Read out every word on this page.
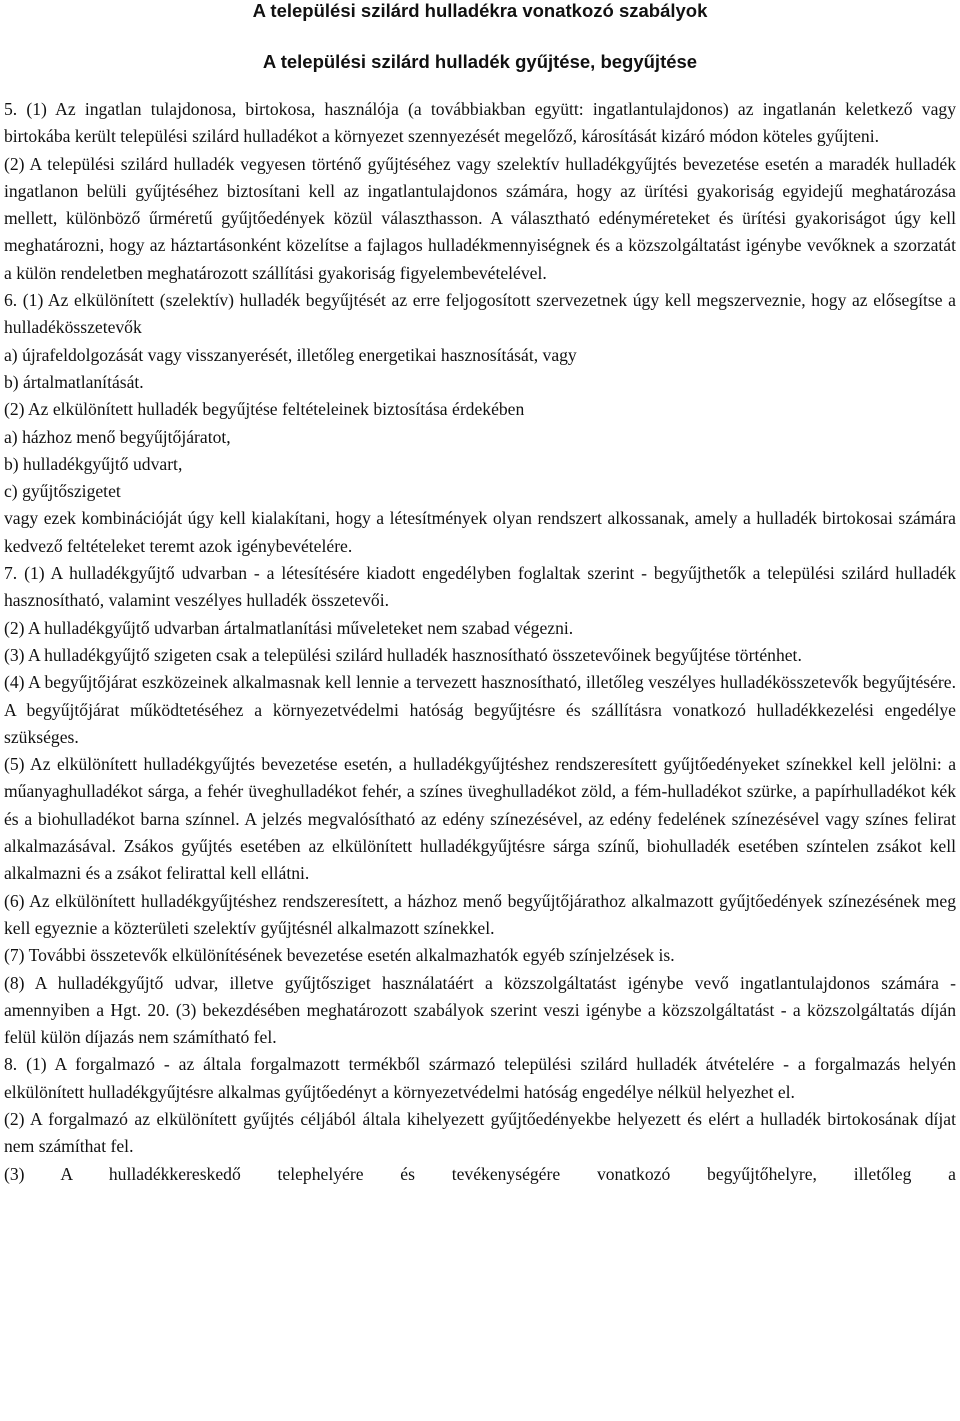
A települési szilárd hulladékra vonatkozó szabályok
A települési szilárd hulladék gyűjtése, begyűjtése

5. (1) Az ingatlan tulajdonosa, birtokosa, használója (a továbbiakban együtt: ingatlantulajdonos) az ingatlanán keletkező vagy birtokába került települési szilárd hulladékot a környezet szennyezését megelőző, károsítását kizáró módon köteles gyűjteni.

(2) A települési szilárd hulladék vegyesen történő gyűjtéséhez vagy szelektív hulladékgyűjtés bevezetése esetén a maradék hulladék ingatlanon belüli gyűjtéséhez biztosítani kell az ingatlantulajdonos számára, hogy az ürítési gyakoriság egyidejű meghatározása mellett, különböző űrméretű gyűjtőedények közül választhasson. A választható edényméreteket és ürítési gyakoriságot úgy kell meghatározni, hogy az háztartásonként közelítse a fajlagos hulladékmennyiségnek és a közszolgáltatást igénybe vevőknek a szorzatát a külön rendeletben meghatározott szállítási gyakoriság figyelembevételével.

6. (1) Az elkülönített (szelektív) hulladék begyűjtését az erre feljogosított szervezetnek úgy kell megszerveznie, hogy az elősegítse a hulladékösszetevők

a) újrafeldolgozását vagy visszanyerését, illetőleg energetikai hasznosítását, vagy

b) ártalmatlanítását.

(2) Az elkülönített hulladék begyűjtése feltételeinek biztosítása érdekében

a) házhoz menő begyűjtőjáratot,

b) hulladékgyűjtő udvart,

c) gyűjtőszigetet

vagy ezek kombinációját úgy kell kialakítani, hogy a létesítmények olyan rendszert alkossanak, amely a hulladék birtokosai számára kedvező feltételeket teremt azok igénybevételére.

7. (1) A hulladékgyűjtő udvarban - a létesítésére kiadott engedélyben foglaltak szerint - begyűjthetők a települési szilárd hulladék hasznosítható, valamint veszélyes hulladék összetevői.

(2) A hulladékgyűjtő udvarban ártalmatlanítási műveleteket nem szabad végezni.

(3) A hulladékgyűjtő szigeten csak a települési szilárd hulladék hasznosítható összetevőinek begyűjtése történhet.

(4) A begyűjtőjárat eszközeinek alkalmasnak kell lennie a tervezett hasznosítható, illetőleg veszélyes hulladékösszetevők begyűjtésére. A begyűjtőjárat működtetéséhez a környezetvédelmi hatóság begyűjtésre és szállításra vonatkozó hulladékkezelési engedélye szükséges.

(5) Az elkülönített hulladékgyűjtés bevezetése esetén, a hulladékgyűjtéshez rendszeresített gyűjtőedényeket színekkel kell jelölni: a műanyaghulladékot sárga, a fehér üveghulladékot fehér, a színes üveghulladékot zöld, a fém-hulladékot szürke, a papírhulladékot kék és a biohulladékot barna színnel. A jelzés megvalósítható az edény színezésével, az edény fedelének színezésével vagy színes felirat alkalmazásával. Zsákos gyűjtés esetében az elkülönített hulladékgyűjtésre sárga színű, biohulladék esetében színtelen zsákot kell alkalmazni és a zsákot felirattal kell ellátni.

(6) Az elkülönített hulladékgyűjtéshez rendszeresített, a házhoz menő begyűjtőjárathoz alkalmazott gyűjtőedények színezésének meg kell egyeznie a közterületi szelektív gyűjtésnél alkalmazott színekkel.

(7) További összetevők elkülönítésének bevezetése esetén alkalmazhatók egyéb színjelzések is.

(8) A hulladékgyűjtő udvar, illetve gyűjtősziget használatáért a közszolgáltatást igénybe vevő ingatlantulajdonos számára - amennyiben a Hgt. 20. (3) bekezdésében meghatározott szabályok szerint veszi igénybe a közszolgáltatást - a közszolgáltatás díján felül külön díjazás nem számítható fel.

8. (1) A forgalmazó - az általa forgalmazott termékből származó települési szilárd hulladék átvételére - a forgalmazás helyén elkülönített hulladékgyűjtésre alkalmas gyűjtőedényt a környezetvédelmi hatóság engedélye nélkül helyezhet el.

(2) A forgalmazó az elkülönített gyűjtés céljából általa kihelyezett gyűjtőedényekbe helyezett és elért a hulladék birtokosának díjat nem számíthat fel.

(3) A hulladékkereskedő telephelyére és tevékenységére vonatkozó begyűjtőhelyre, illetőleg a
